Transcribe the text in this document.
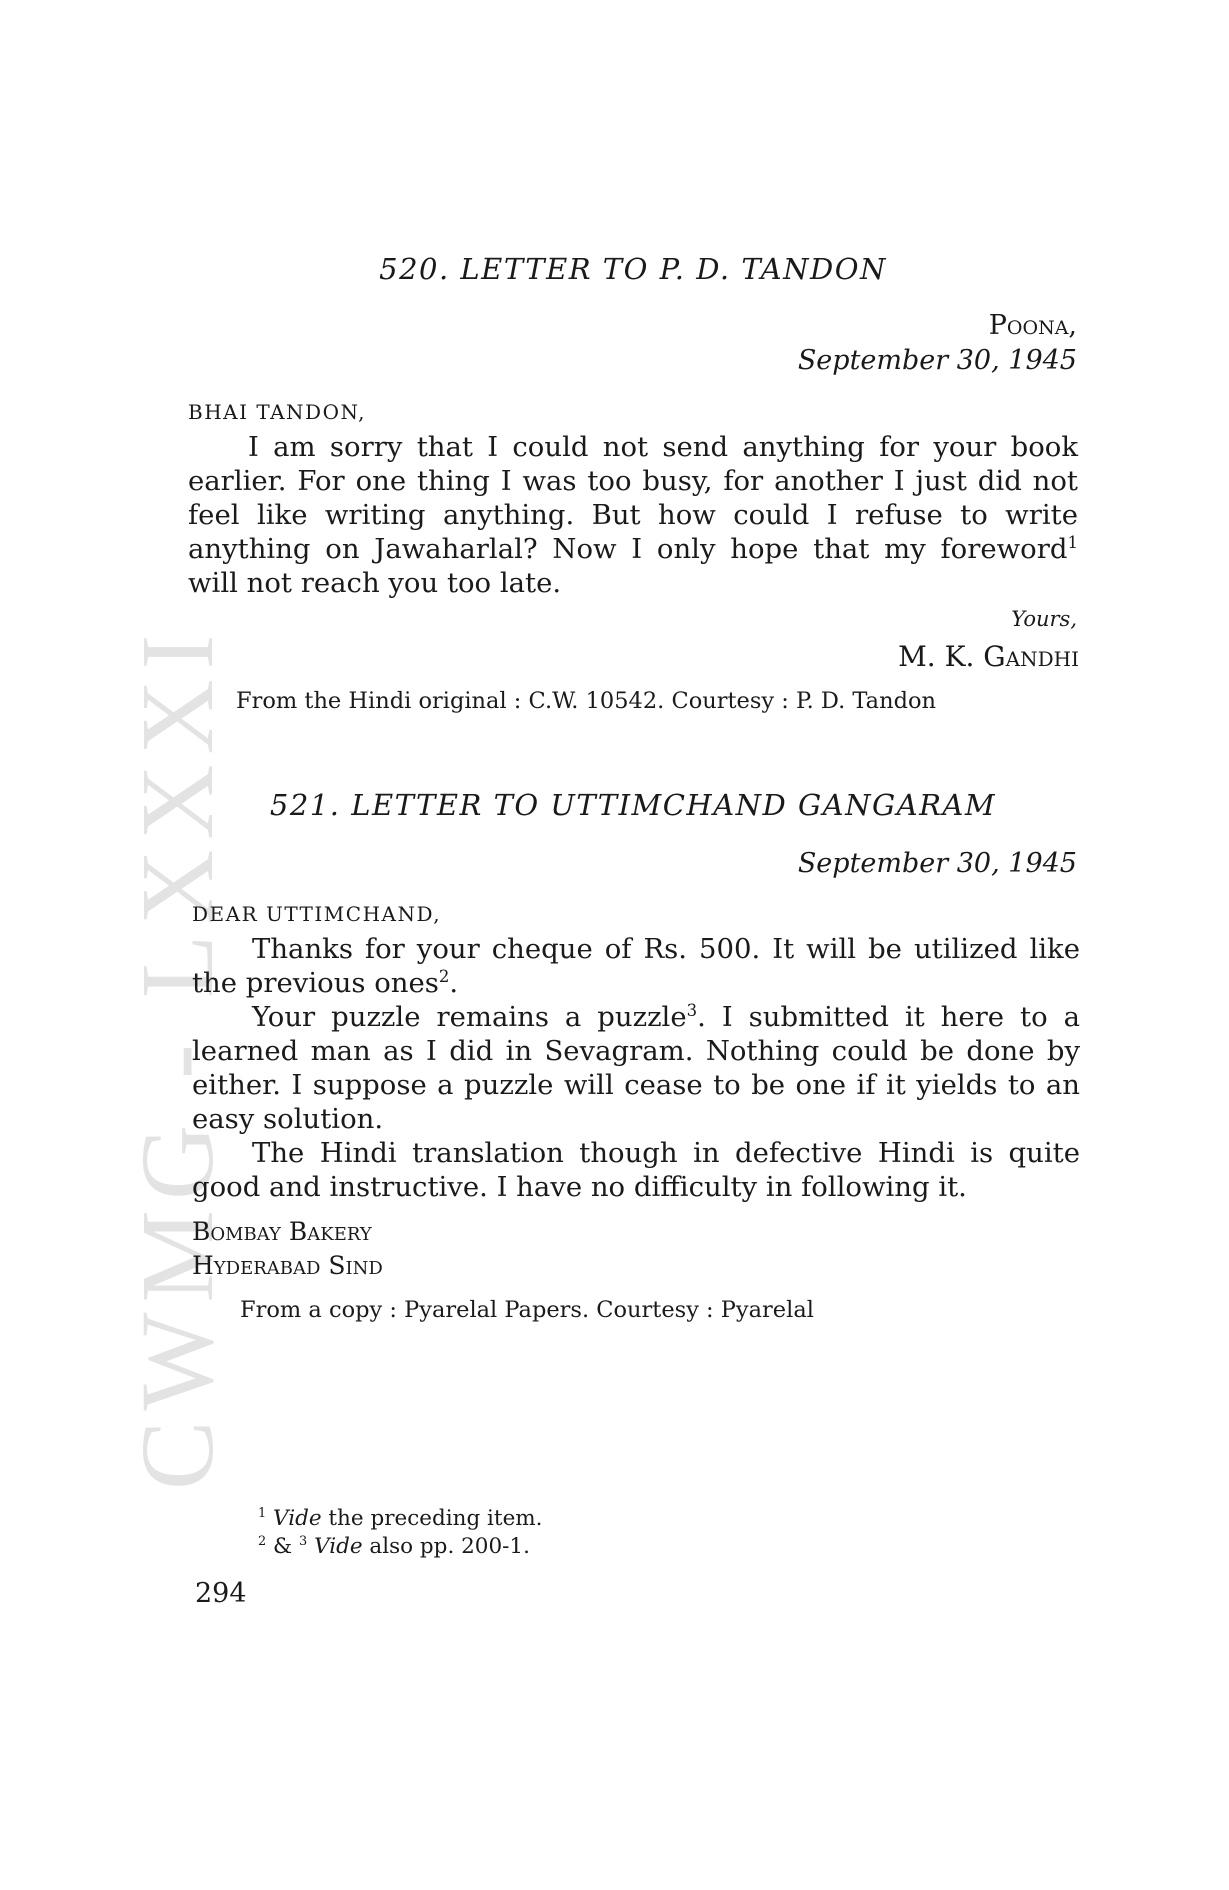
CWMG - LXXXI
520. LETTER TO P. D. TANDON
Poona,
September 30, 1945
BHAI TANDON,

I am sorry that I could not send anything for your book earlier. For one thing I was too busy, for another I just did not feel like writing anything. But how could I refuse to write anything on Jawaharlal? Now I only hope that my foreword$^1$ will not reach you too late.

Yours,
M. K. Gandhi
From the Hindi original : C.W. 10542. Courtesy : P. D. Tandon
521. LETTER TO UTTIMCHAND GANGARAM
September 30, 1945
DEAR UTTIMCHAND,

Thanks for your cheque of Rs. 500. It will be utilized like the previous ones$^2$.

Your puzzle remains a puzzle$^3$. I submitted it here to a learned man as I did in Sevagram. Nothing could be done by either. I suppose a puzzle will cease to be one if it yields to an easy solution.

The Hindi translation though in defective Hindi is quite good and instructive. I have no difficulty in following it.

Bombay Bakery
Hyderabad Sind
From a copy : Pyarelal Papers. Courtesy : Pyarelal
$^1$ Vide the preceding item.
$^2$ & $^3$ Vide also pp. 200-1.
294
